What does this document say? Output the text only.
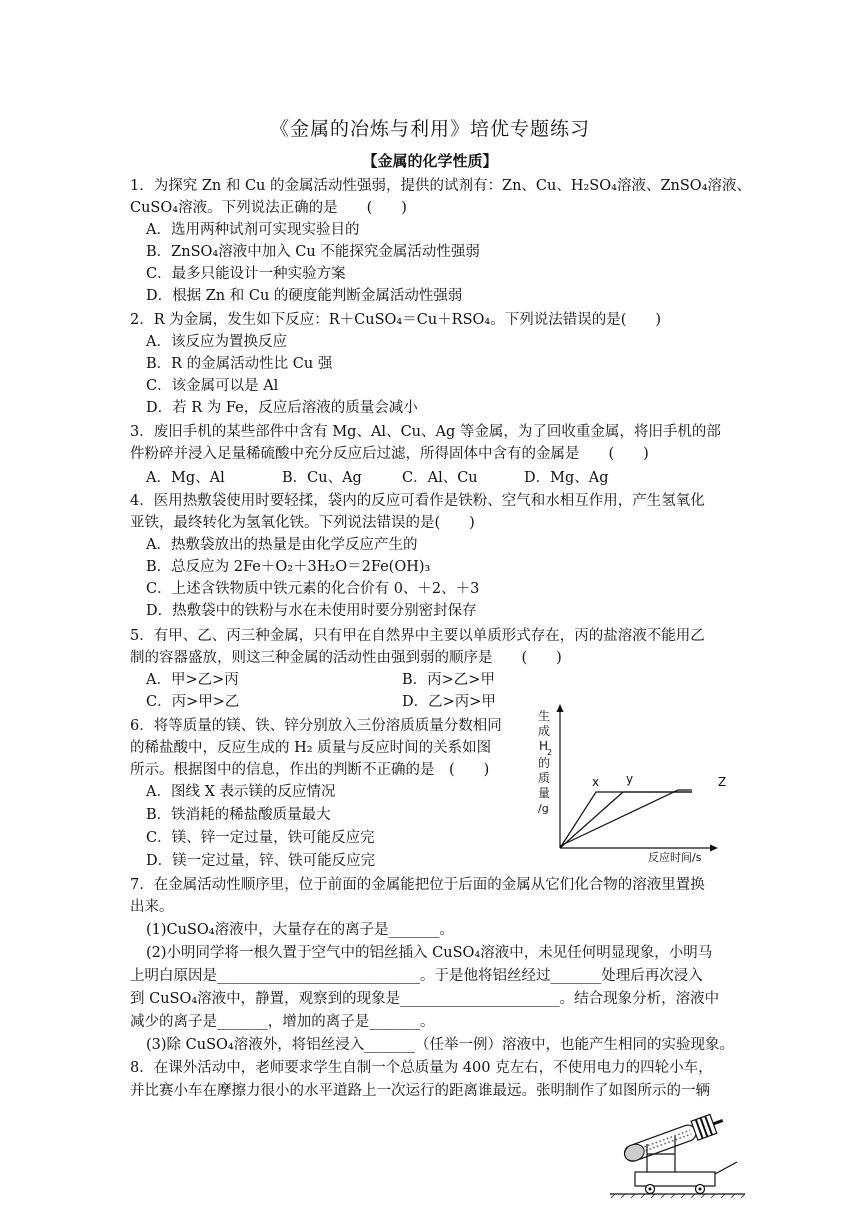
《金属的冶炼与利用》培优专题练习
【金属的化学性质】
1．为探究 Zn 和 Cu 的金属活动性强弱，提供的试剂有：Zn、Cu、H₂SO₄溶液、ZnSO₄溶液、
CuSO₄溶液。下列说法正确的是　　(　　)
A．选用两种试剂可实现实验目的
B．ZnSO₄溶液中加入 Cu 不能探究金属活动性强弱
C．最多只能设计一种实验方案
D．根据 Zn 和 Cu 的硬度能判断金属活动性强弱
2．R 为金属，发生如下反应：R＋CuSO₄＝Cu＋RSO₄。下列说法错误的是(　　)
A．该反应为置换反应
B．R 的金属活动性比 Cu 强
C．该金属可以是 Al
D．若 R 为 Fe，反应后溶液的质量会减小
3．废旧手机的某些部件中含有 Mg、Al、Cu、Ag 等金属，为了回收重金属，将旧手机的部
件粉碎并浸入足量稀硫酸中充分反应后过滤，所得固体中含有的金属是　　(　　)
A．Mg、Al	B．Cu、Ag	C．Al、Cu	D．Mg、Ag
4．医用热敷袋使用时要轻揉，袋内的反应可看作是铁粉、空气和水相互作用，产生氢氧化
亚铁，最终转化为氢氧化铁。下列说法错误的是(　　)
A．热敷袋放出的热量是由化学反应产生的
B．总反应为 2Fe＋O₂＋3H₂O＝2Fe(OH)₃
C．上述含铁物质中铁元素的化合价有 0、＋2、＋3
D．热敷袋中的铁粉与水在未使用时要分别密封保存
5．有甲、乙、丙三种金属，只有甲在自然界中主要以单质形式存在，丙的盐溶液不能用乙
制的容器盛放，则这三种金属的活动性由强到弱的顺序是　　(　　)
A．甲>乙>丙	B．丙>乙>甲
C．丙>甲>乙	D．乙>丙>甲
6．将等质量的镁、铁、锌分别放入三份溶质质量分数相同
的稀盐酸中，反应生成的 H₂ 质量与反应时间的关系如图
所示。根据图中的信息，作出的判断不正确的是　(　　)
A．图线 X 表示镁的反应情况
B．铁消耗的稀盐酸质量最大
C．镁、锌一定过量，铁可能反应完
D．镁一定过量，锌、铁可能反应完
生
成
H
2
的
质
量
/g
x y	Z
反应时间/s
7．在金属活动性顺序里，位于前面的金属能把位于后面的金属从它们化合物的溶液里置换
出来。
(1)CuSO₄溶液中，大量存在的离子是_______。
(2)小明同学将一根久置于空气中的铝丝插入 CuSO₄溶液中，未见任何明显现象，小明马
上明白原因是____________________________。于是他将铝丝经过_______处理后再次浸入
到 CuSO₄溶液中，静置，观察到的现象是______________________。结合现象分析，溶液中
减少的离子是_______，增加的离子是_______。
(3)除 CuSO₄溶液外，将铝丝浸入_______（任举一例）溶液中，也能产生相同的实验现象。
8．在课外活动中，老师要求学生自制一个总质量为 400 克左右，不使用电力的四轮小车，
并比赛小车在摩擦力很小的水平道路上一次运行的距离谁最远。张明制作了如图所示的一辆
